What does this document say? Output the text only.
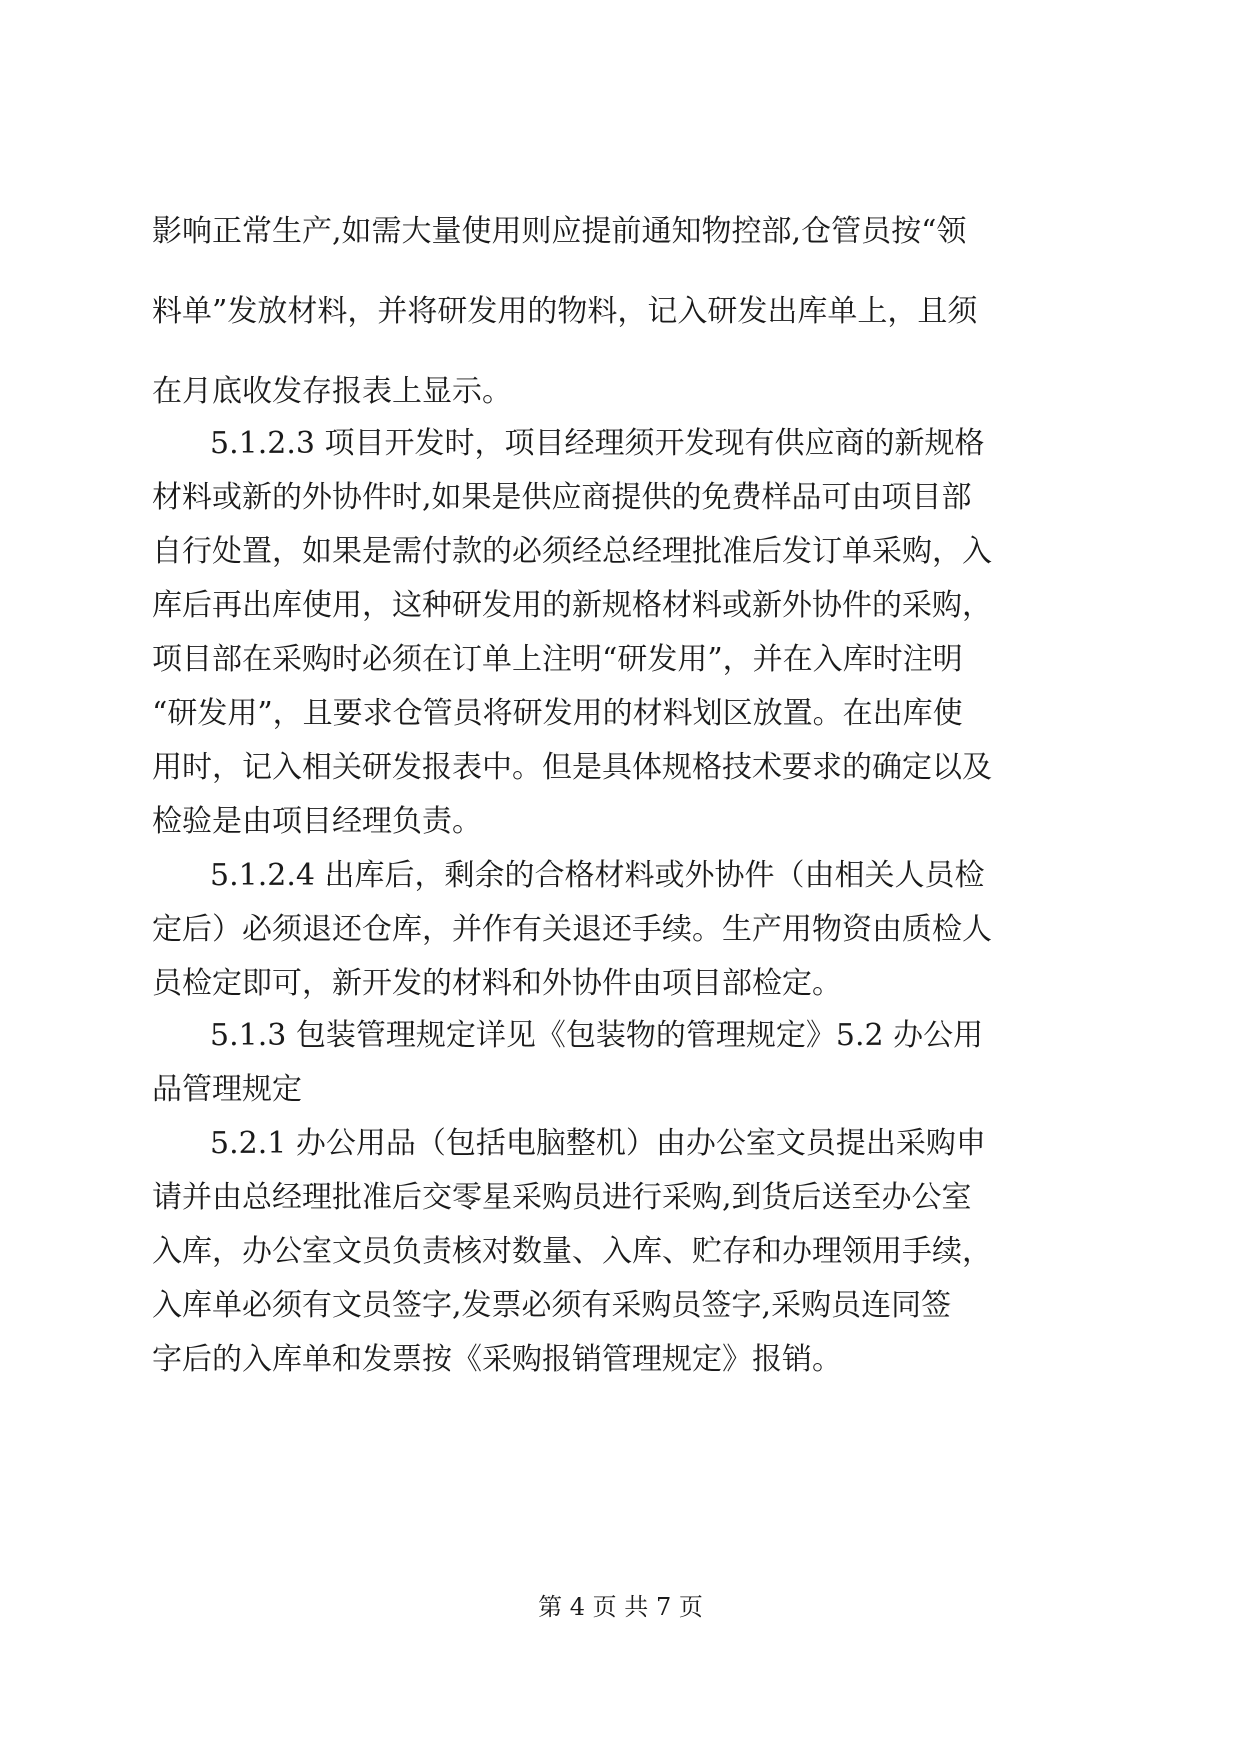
影响正常生产,如需大量使用则应提前通知物控部,仓管员按“领
料单”发放材料，并将研发用的物料，记入研发出库单上，且须
在月底收发存报表上显示。
5.1.2.3 项目开发时，项目经理须开发现有供应商的新规格
材料或新的外协件时,如果是供应商提供的免费样品可由项目部
自行处置，如果是需付款的必须经总经理批准后发订单采购，入
库后再出库使用，这种研发用的新规格材料或新外协件的采购，
项目部在采购时必须在订单上注明“研发用”，并在入库时注明
“研发用”，且要求仓管员将研发用的材料划区放置。在出库使
用时，记入相关研发报表中。但是具体规格技术要求的确定以及
检验是由项目经理负责。
5.1.2.4 出库后，剩余的合格材料或外协件（由相关人员检
定后）必须退还仓库，并作有关退还手续。生产用物资由质检人
员检定即可，新开发的材料和外协件由项目部检定。
5.1.3 包装管理规定详见《包装物的管理规定》5.2 办公用
品管理规定
5.2.1 办公用品（包括电脑整机）由办公室文员提出采购申
请并由总经理批准后交零星采购员进行采购,到货后送至办公室
入库，办公室文员负责核对数量、入库、贮存和办理领用手续，
入库单必须有文员签字,发票必须有采购员签字,采购员连同签
字后的入库单和发票按《采购报销管理规定》报销。
第 4 页 共 7 页
